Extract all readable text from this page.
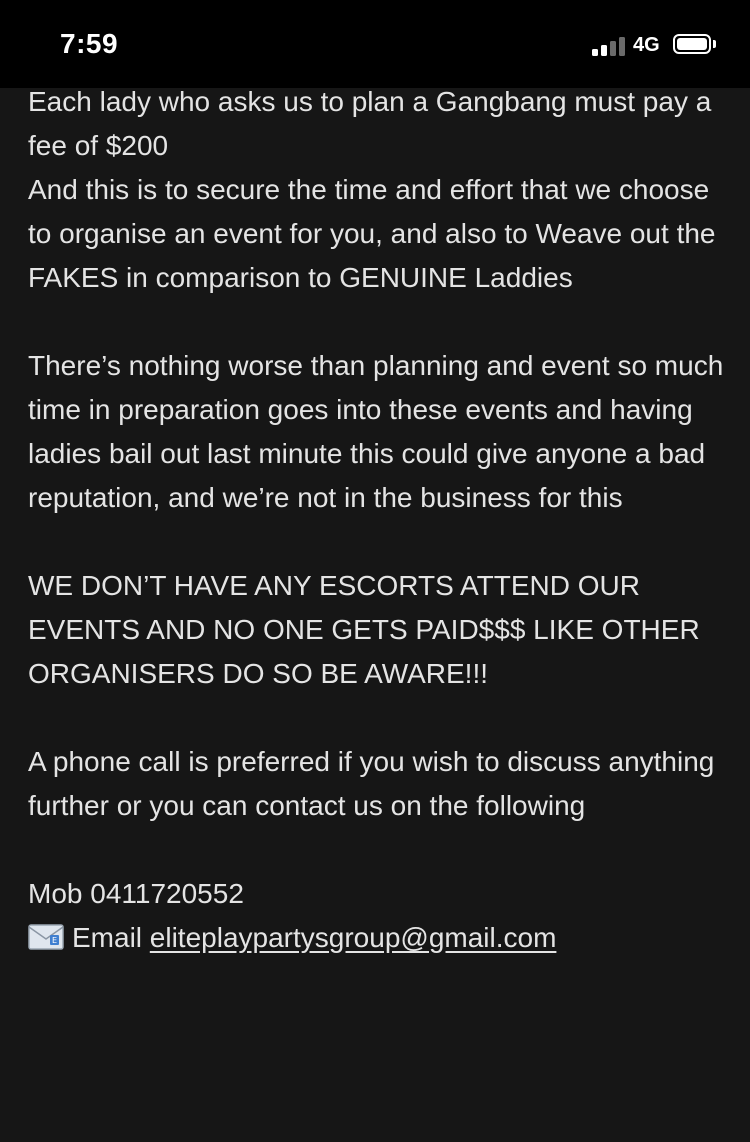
7:59	4G

Each lady who asks us to plan a Gangbang must pay a fee of $200

And this is to secure the time and effort that we choose to organise an event for you, and also to Weave out the FAKES in comparison to GENUINE Laddies

There’s nothing worse than planning and event so much time in preparation goes into these events and having ladies bail out last minute this could give anyone a bad reputation, and we’re not in the business for this

WE DON’T HAVE ANY ESCORTS ATTEND OUR EVENTS AND NO ONE GETS PAID$$$ LIKE OTHER ORGANISERS DO SO BE AWARE!!!

A phone call is preferred if you wish to discuss anything further or you can contact us on the following

Mob 0411720552

E Email eliteplaypartysgroup@gmail.com
